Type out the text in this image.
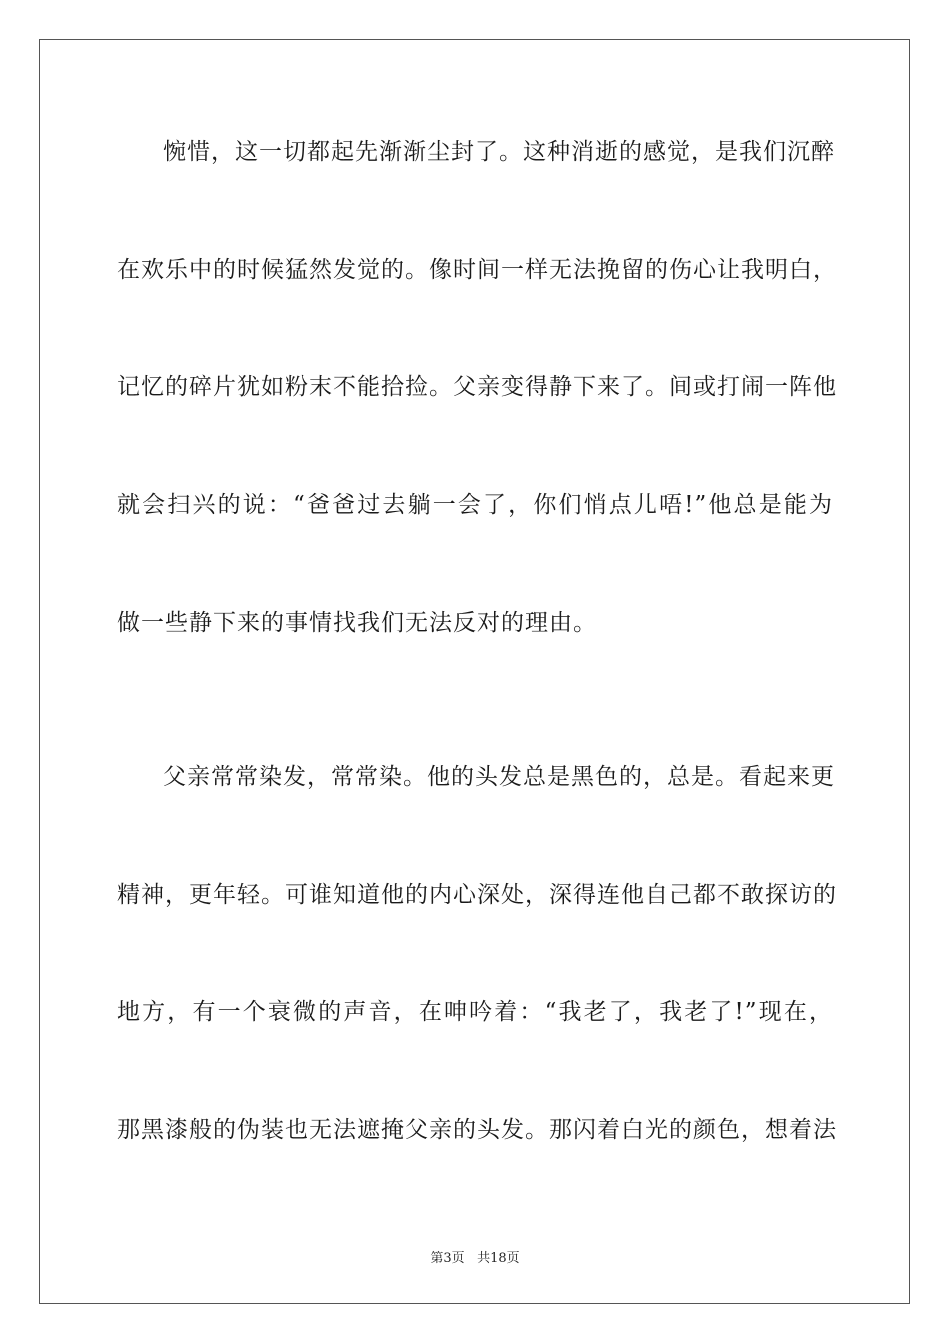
惋惜，这一切都起先渐渐尘封了。这种消逝的感觉，是我们沉醉
在欢乐中的时候猛然发觉的。像时间一样无法挽留的伤心让我明白，
记忆的碎片犹如粉末不能拾捡。父亲变得静下来了。间或打闹一阵他
就会扫兴的说：“爸爸过去躺一会了，你们悄点儿唔!”他总是能为
做一些静下来的事情找我们无法反对的理由。
父亲常常染发，常常染。他的头发总是黑色的，总是。看起来更
精神，更年轻。可谁知道他的内心深处，深得连他自己都不敢探访的
地方，有一个衰微的声音，在呻吟着：“我老了，我老了!”现在，
那黑漆般的伪装也无法遮掩父亲的头发。那闪着白光的颜色，想着法
第3页 共18页
